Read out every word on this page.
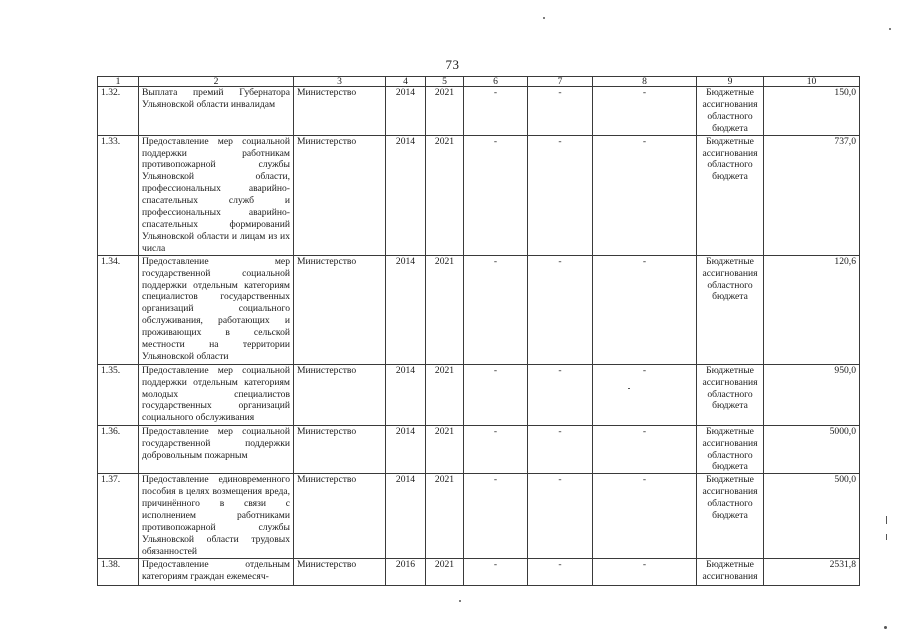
73
1	2	3	4	5	6	7	8	9	10
1.32.	Выплата премий Губернатора Ульяновской области инвалидам	Министерство	2014	2021	-	-	-	Бюджетные ассигнования областного бюджета	150,0
1.33.	Предоставление мер социальной поддержки работникам противопожарной службы Ульяновской области, профессиональных аварийно-спасательных служб и профессиональных аварийно-спасательных формирований Ульяновской области и лицам из их числа	Министерство	2014	2021	-	-	-	Бюджетные ассигнования областного бюджета	737,0
1.34.	Предоставление мер государственной социальной поддержки отдельным категориям специалистов государственных организаций социального обслуживания, работающих и проживающих в сельской местности на территории Ульяновской области	Министерство	2014	2021	-	-	-	Бюджетные ассигнования областного бюджета	120,6
1.35.	Предоставление мер социальной поддержки отдельным категориям молодых специалистов государственных организаций социального обслуживания	Министерство	2014	2021	-	-	-	Бюджетные ассигнования областного бюджета	950,0
1.36.	Предоставление мер социальной государственной поддержки добровольным пожарным	Министерство	2014	2021	-	-	-	Бюджетные ассигнования областного бюджета	5000,0
1.37.	Предоставление единовременного пособия в целях возмещения вреда, причинённого в связи с исполнением работниками противопожарной службы Ульяновской области трудовых обязанностей	Министерство	2014	2021	-	-	-	Бюджетные ассигнования областного бюджета	500,0
1.38.	Предоставление отдельным категориям граждан ежемесяч-	Министерство	2016	2021	-	-	-	Бюджетные ассигнования	2531,8
